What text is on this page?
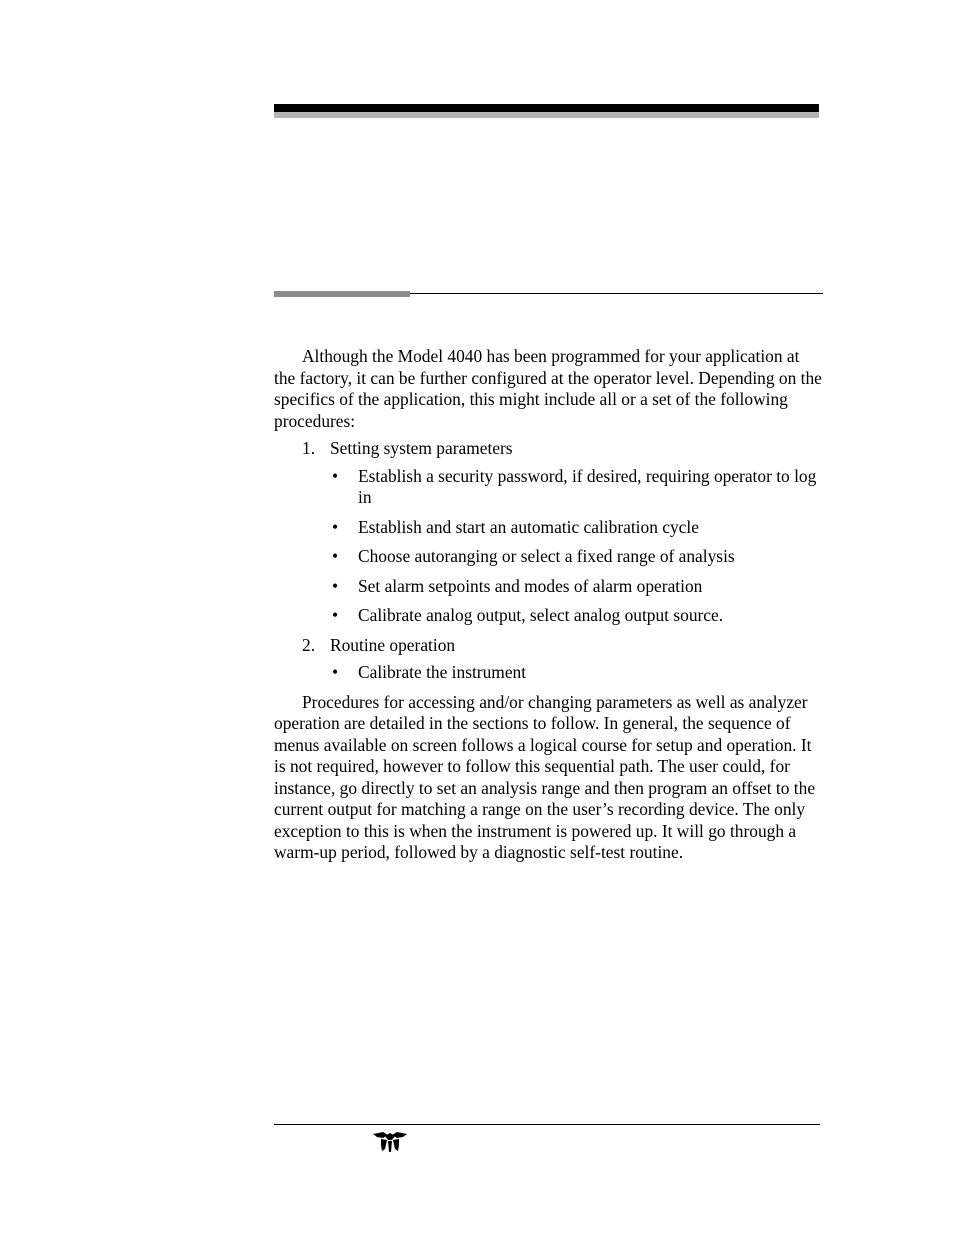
Although the Model 4040 has been programmed for your application at the factory, it can be further configured at the operator level. Depending on the specifics of the application, this might include all or a set of the following procedures:

1. Setting system parameters
• Establish a security password, if desired, requiring operator to log in
• Establish and start an automatic calibration cycle
• Choose autoranging or select a fixed range of analysis
• Set alarm setpoints and modes of alarm operation
• Calibrate analog output, select analog output source.
2. Routine operation
• Calibrate the instrument

Procedures for accessing and/or changing parameters as well as analyzer operation are detailed in the sections to follow. In general, the sequence of menus available on screen follows a logical course for setup and operation. It is not required, however to follow this sequential path. The user could, for instance, go directly to set an analysis range and then program an offset to the current output for matching a range on the user’s recording device. The only exception to this is when the instrument is powered up. It will go through a warm-up period, followed by a diagnostic self-test routine.
